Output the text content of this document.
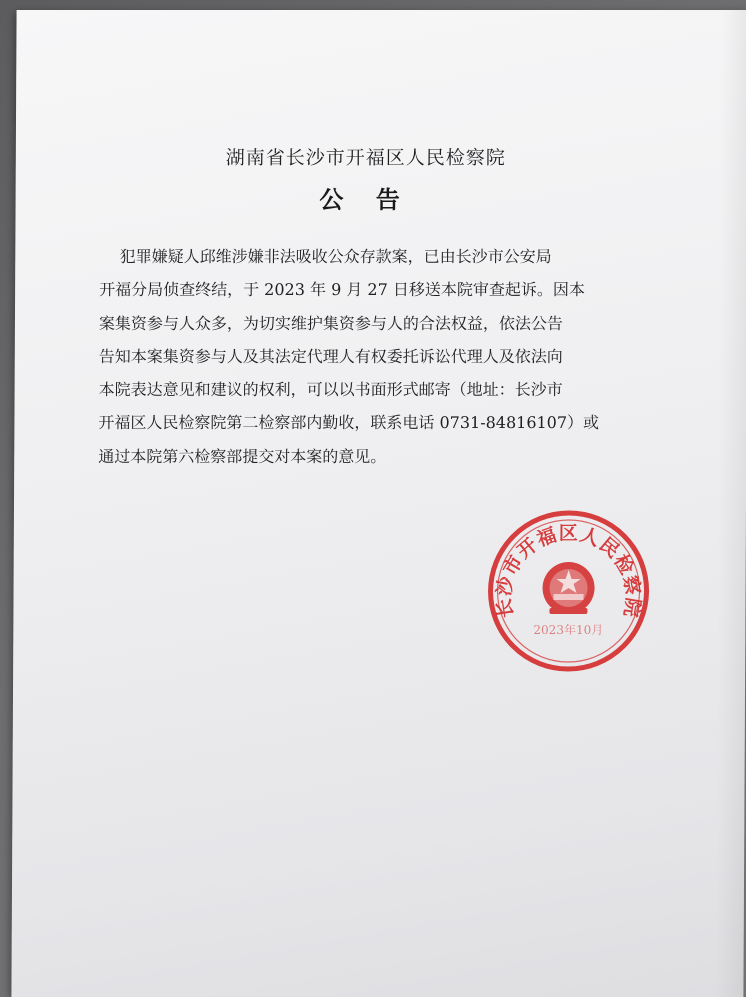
湖南省长沙市开福区人民检察院
公 告
犯罪嫌疑人邱维涉嫌非法吸收公众存款案，已由长沙市公安局
开福分局侦查终结，于 2023 年 9 月 27 日移送本院审查起诉。因本
案集资参与人众多，为切实维护集资参与人的合法权益，依法公告
告知本案集资参与人及其法定代理人有权委托诉讼代理人及依法向
本院表达意见和建议的权利，可以以书面形式邮寄（地址：长沙市
开福区人民检察院第二检察部内勤收，联系电话 0731-84816107）或
通过本院第六检察部提交对本案的意见。
长沙市开福区人民检察院
2023年10月
